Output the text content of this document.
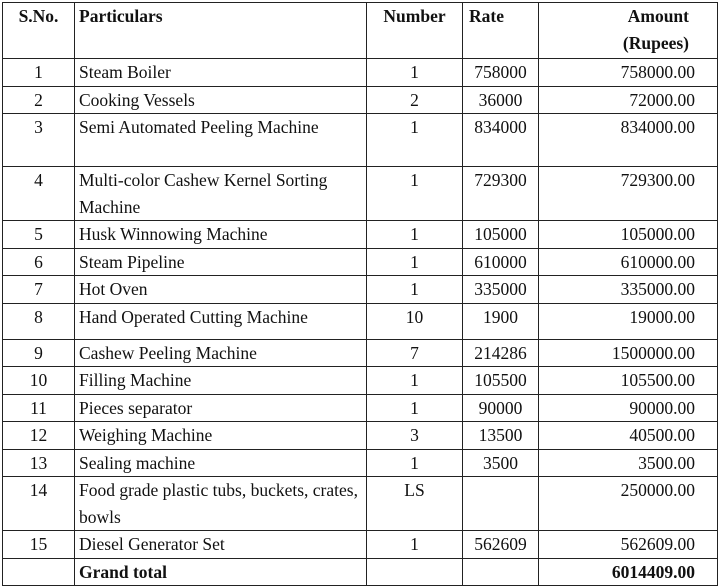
S.No.	Particulars	Number	Rate	Amount
(Rupees)

1	Steam Boiler	1	758000	758000.00
2	Cooking Vessels	2	36000	72000.00
3	Semi Automated Peeling Machine	1	834000	834000.00
4	Multi-color Cashew Kernel Sorting Machine	1	729300	729300.00
5	Husk Winnowing Machine	1	105000	105000.00
6	Steam Pipeline	1	610000	610000.00
7	Hot Oven	1	335000	335000.00
8	Hand Operated Cutting Machine	10	1900	19000.00
9	Cashew Peeling Machine	7	214286	1500000.00
10	Filling Machine	1	105500	105500.00
11	Pieces separator	1	90000	90000.00
12	Weighing Machine	3	13500	40500.00
13	Sealing machine	1	3500	3500.00
14	Food grade plastic tubs, buckets, crates, bowls	LS		250000.00
15	Diesel Generator Set	1	562609	562609.00
	Grand total			6014409.00
